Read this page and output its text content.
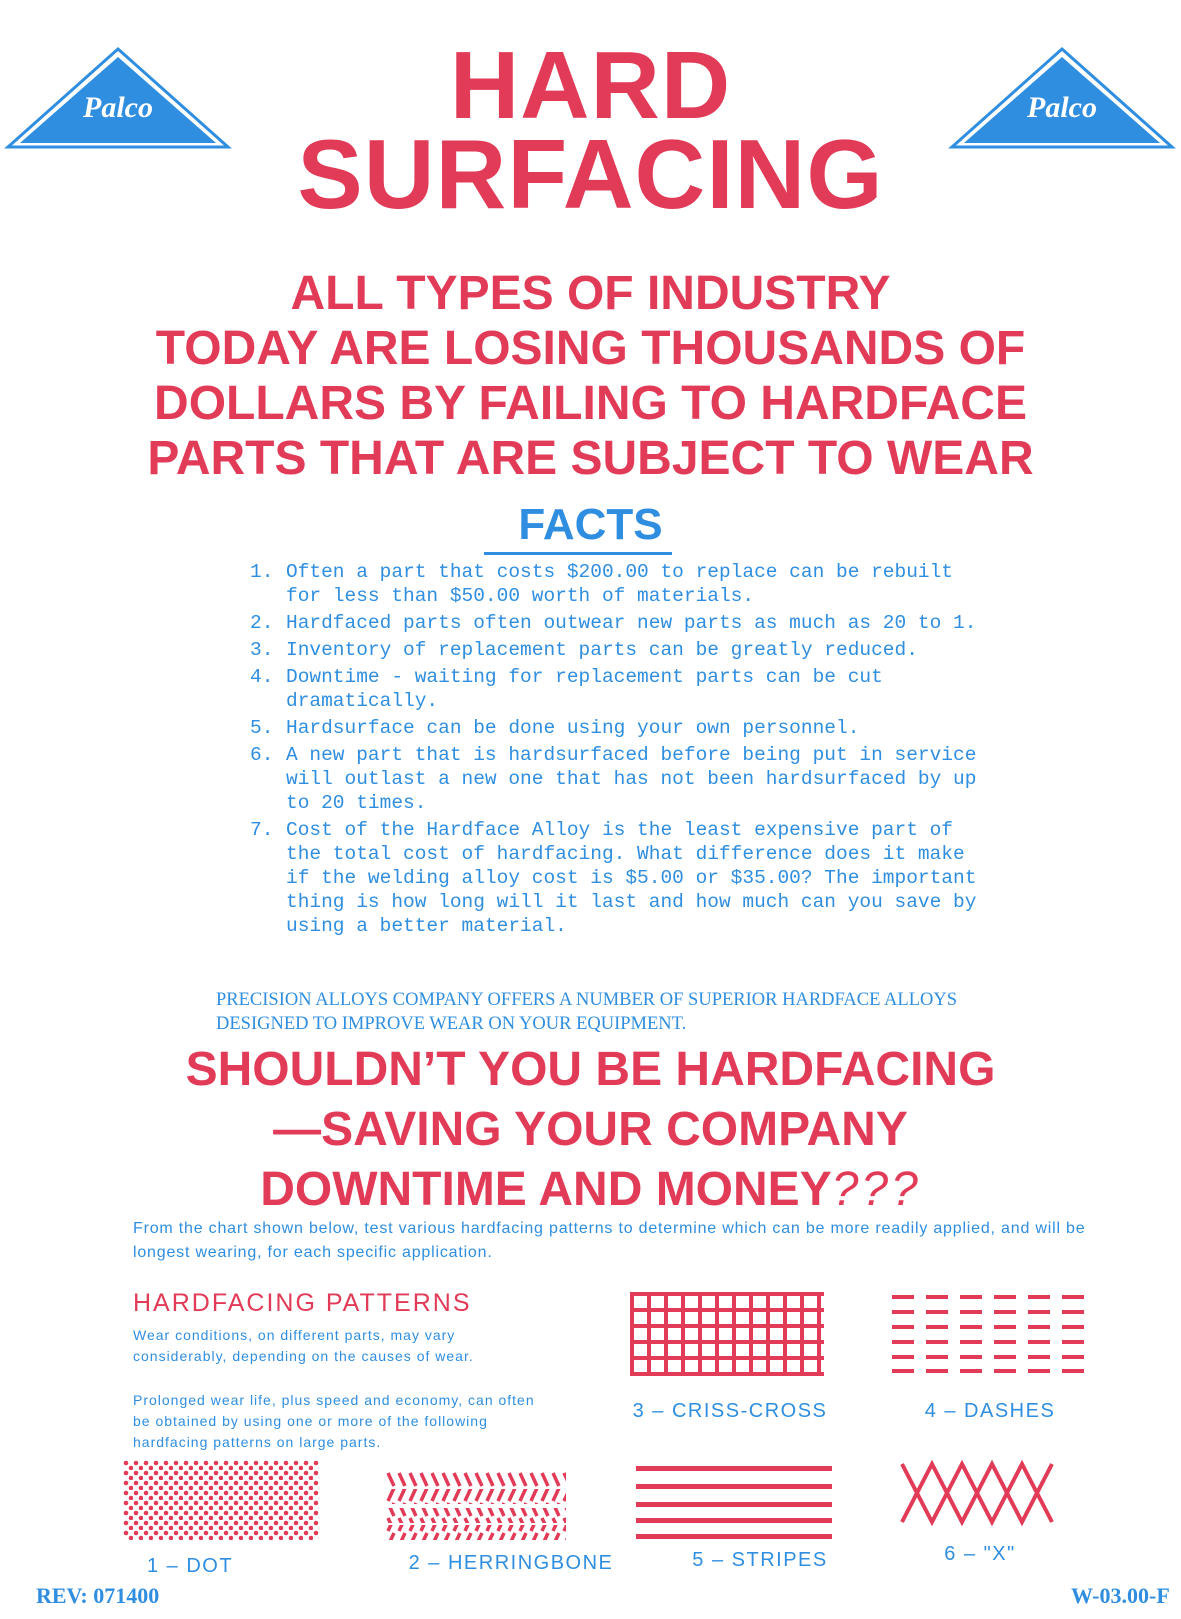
Palco	Palco
HARD
SURFACING
ALL TYPES OF INDUSTRY
TODAY ARE LOSING THOUSANDS OF
DOLLARS BY FAILING TO HARDFACE
PARTS THAT ARE SUBJECT TO WEAR
FACTS
1. Often a part that costs $200.00 to replace can be rebuilt for less than $50.00 worth of materials.
2. Hardfaced parts often outwear new parts as much as 20 to 1.
3. Inventory of replacement parts can be greatly reduced.
4. Downtime - waiting for replacement parts can be cut dramatically.
5. Hardsurface can be done using your own personnel.
6. A new part that is hardsurfaced before being put in service will outlast a new one that has not been hardsurfaced by up to 20 times.
7. Cost of the Hardface Alloy is the least expensive part of the total cost of hardfacing. What difference does it make if the welding alloy cost is $5.00 or $35.00? The important thing is how long will it last and how much can you save by using a better material.
PRECISION ALLOYS COMPANY OFFERS A NUMBER OF SUPERIOR HARDFACE ALLOYS DESIGNED TO IMPROVE WEAR ON YOUR EQUIPMENT.
SHOULDN’T YOU BE HARDFACING
—SAVING YOUR COMPANY
DOWNTIME AND MONEY???
From the chart shown below, test various hardfacing patterns to determine which can be more readily applied, and will be longest wearing, for each specific application.
HARDFACING PATTERNS
Wear conditions, on different parts, may vary considerably, depending on the causes of wear.
Prolonged wear life, plus speed and economy, can often be obtained by using one or more of the following hardfacing patterns on large parts.
3 – CRISS-CROSS	4 – DASHES
1 – DOT	2 – HERRINGBONE	5 – STRIPES	6 – "X"
REV: 071400	W-03.00-F
